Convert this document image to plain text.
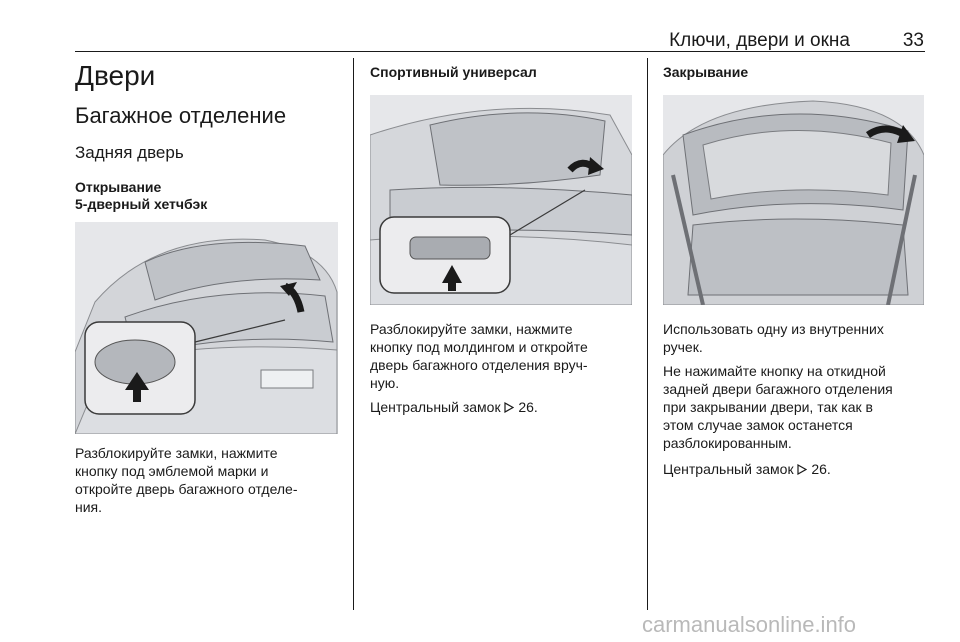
Ключи, двери и окна	33
Двери
Багажное отделение
Задняя дверь
Открывание
5-дверный хетчбэк
Разблокируйте замки, нажмите
кнопку под эмблемой марки и
откройте дверь багажного отделе-
ния.
Спортивный универсал
Разблокируйте замки, нажмите
кнопку под молдингом и откройте
дверь багажного отделения вруч-
ную.
Центральный замок 26.
Закрывание
Использовать одну из внутренних
ручек.
Не нажимайте кнопку на откидной
задней двери багажного отделения
при закрывании двери, так как в
этом случае замок останется
разблокированным.
Центральный замок 26.
carmanualsonline.info
